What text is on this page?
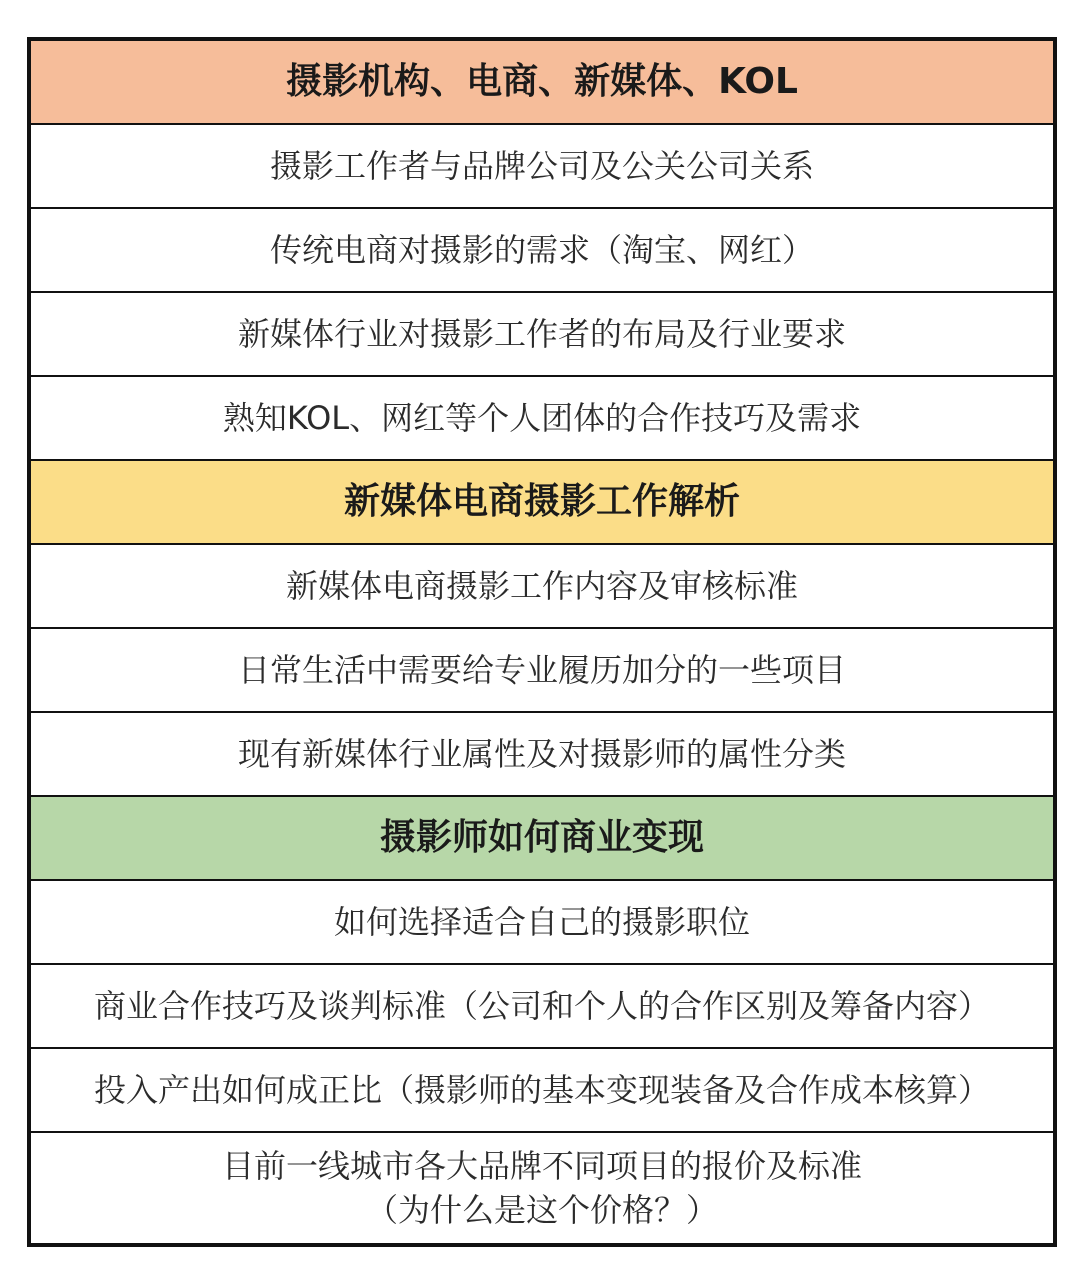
摄影机构、电商、新媒体、KOL
摄影工作者与品牌公司及公关公司关系
传统电商对摄影的需求（淘宝、网红）
新媒体行业对摄影工作者的布局及行业要求
熟知KOL、网红等个人团体的合作技巧及需求
新媒体电商摄影工作解析
新媒体电商摄影工作内容及审核标准
日常生活中需要给专业履历加分的一些项目
现有新媒体行业属性及对摄影师的属性分类
摄影师如何商业变现
如何选择适合自己的摄影职位
商业合作技巧及谈判标准（公司和个人的合作区别及筹备内容）
投入产出如何成正比（摄影师的基本变现装备及合作成本核算）
目前一线城市各大品牌不同项目的报价及标准
（为什么是这个价格？）
